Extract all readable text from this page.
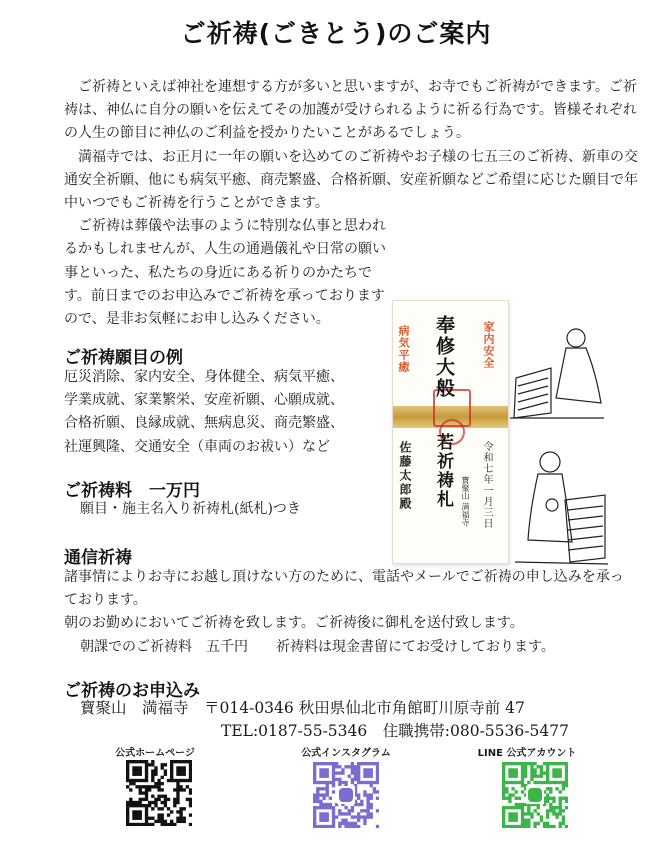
ご祈祷(ごきとう)のご案内

ご祈祷といえば神社を連想する方が多いと思いますが、お寺でもご祈祷ができます。ご祈祷は、神仏に自分の願いを伝えてその加護が受けられるように祈る行為です。皆様それぞれの人生の節目に神仏のご利益を授かりたいことがあるでしょう。

満福寺では、お正月に一年の願いを込めてのご祈祷やお子様の七五三のご祈祷、新車の交通安全祈願、他にも病気平癒、商売繁盛、合格祈願、安産祈願などご希望に応じた願目で年中いつでもご祈祷を行うことができます。

ご祈祷は葬儀や法事のように特別な仏事と思われるかもしれませんが、人生の通過儀礼や日常の願い事といった、私たちの身近にある祈りのかたちです。前日までのお申込みでご祈祷を承っておりますので、是非お気軽にお申し込みください。

ご祈祷願目の例

厄災消除、家内安全、身体健全、病気平癒、

学業成就、家業繁栄、安産祈願、心願成就、

合格祈願、良縁成就、無病息災、商売繁盛、

社運興隆、交通安全（車両のお祓い）など

ご祈祷料　一万円
願目・施主名入り祈祷札(紙札)つき
通信祈祷

諸事情によりお寺にお越し頂けない方のために、電話やメールでご祈祷の申し込みを承っております。

朝のお勤めにおいてご祈祷を致します。ご祈祷後に御札を送付致します。

朝課でのご祈祷料　五千円　　祈祷料は現金書留にてお受けしております。

ご祈祷のお申込み
寶聚山　満福寺　〒014-0346 秋田県仙北市角館町川原寺前 47
TEL:0187-55-5346　住職携帯:080-5536-5477
奉修大般
若祈祷札
家内安全
病気平癒
令和七年一月三日
佐藤太郎殿	寶聚山 満福寺
公式ホームページ	公式インスタグラム	LINE 公式アカウント
